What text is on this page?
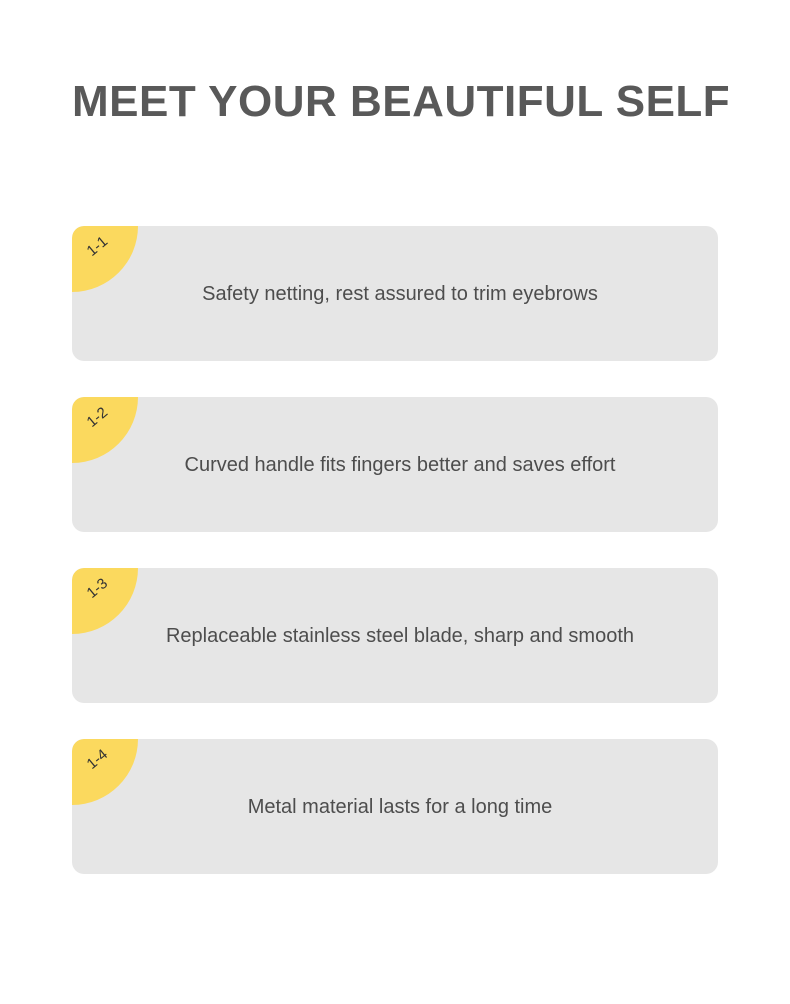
MEET YOUR BEAUTIFUL SELF
1-1
Safety netting, rest assured to trim eyebrows
1-2
Curved handle fits fingers better and saves effort
1-3
Replaceable stainless steel blade, sharp and smooth
1-4
Metal material lasts for a long time
